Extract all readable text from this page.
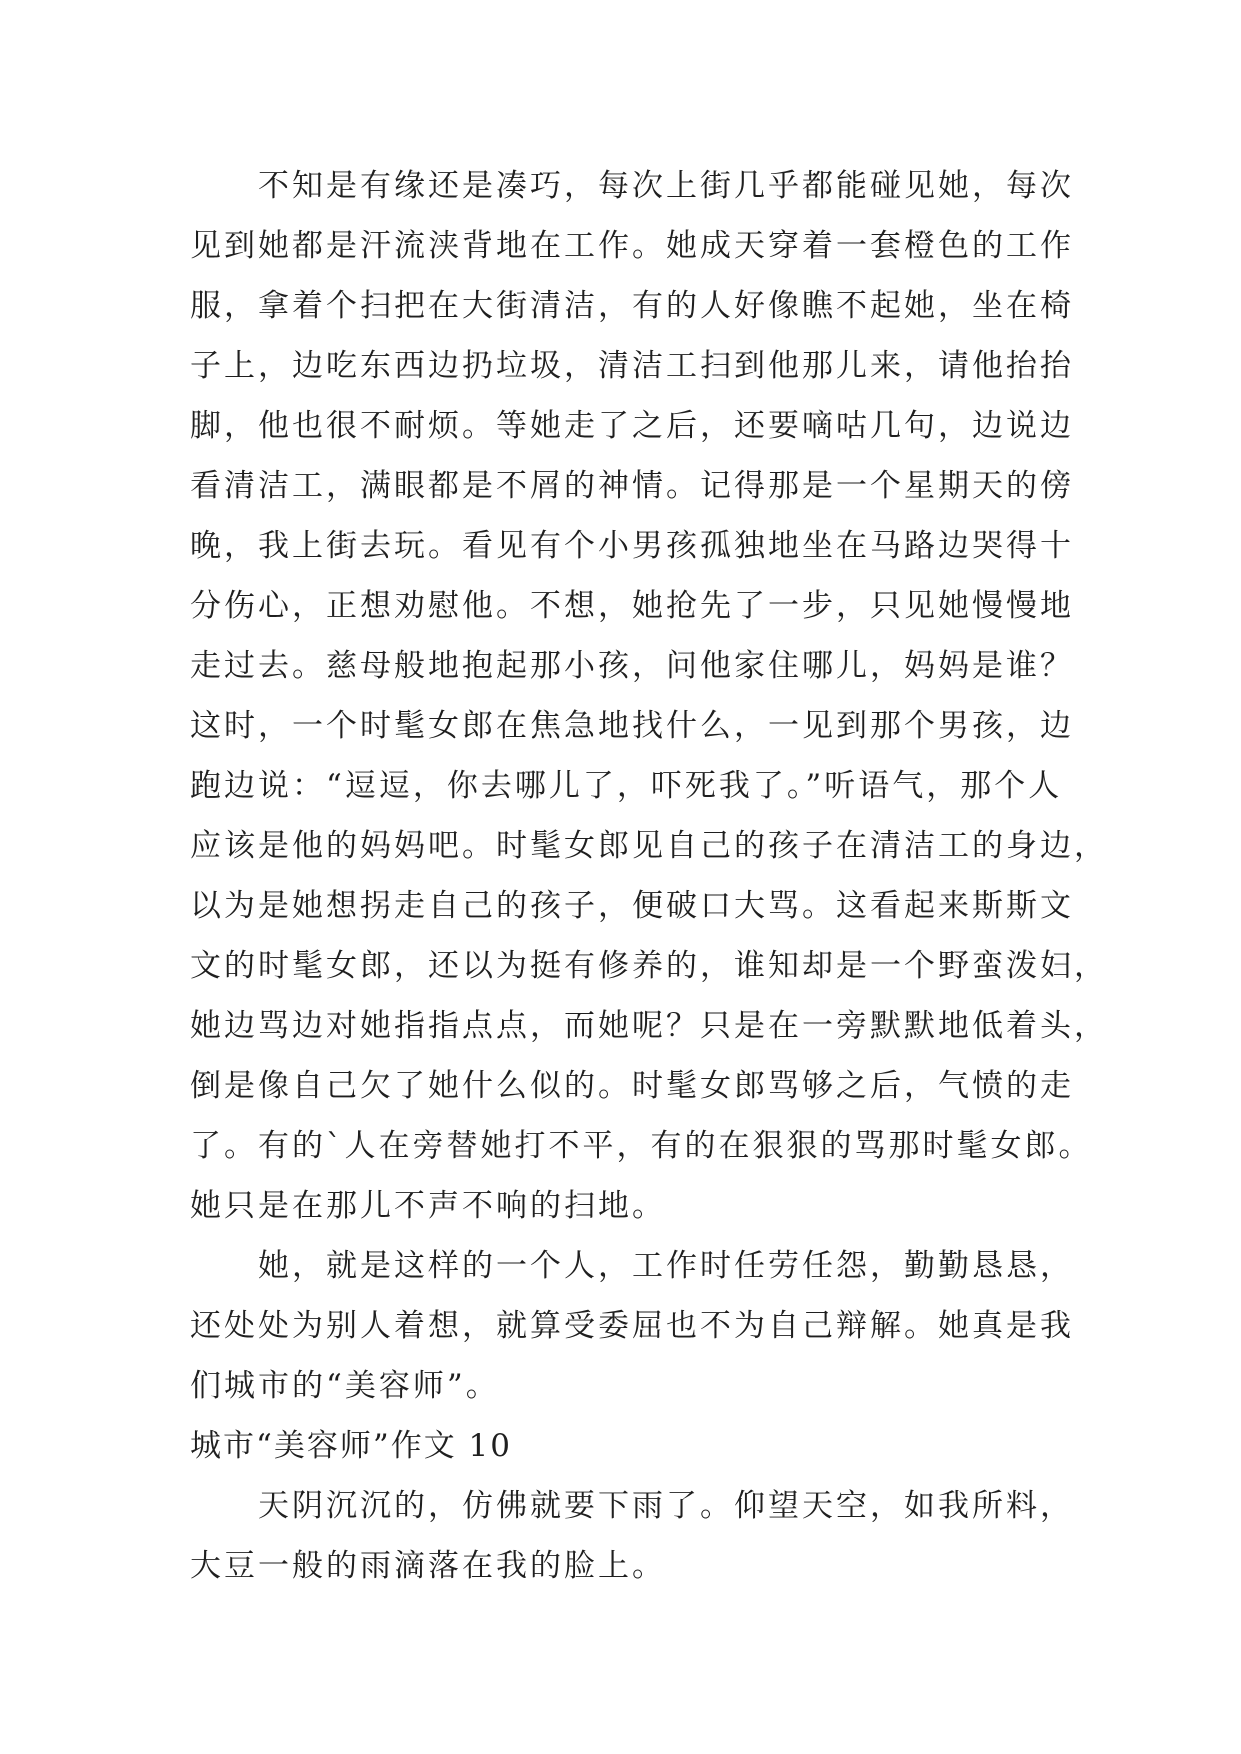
不知是有缘还是凑巧，每次上街几乎都能碰见她，每次
见到她都是汗流浃背地在工作。她成天穿着一套橙色的工作
服，拿着个扫把在大街清洁，有的人好像瞧不起她，坐在椅
子上，边吃东西边扔垃圾，清洁工扫到他那儿来，请他抬抬
脚，他也很不耐烦。等她走了之后，还要嘀咕几句，边说边
看清洁工，满眼都是不屑的神情。记得那是一个星期天的傍
晚，我上街去玩。看见有个小男孩孤独地坐在马路边哭得十
分伤心，正想劝慰他。不想，她抢先了一步，只见她慢慢地
走过去。慈母般地抱起那小孩，问他家住哪儿，妈妈是谁？
这时，一个时髦女郎在焦急地找什么，一见到那个男孩，边
跑边说：“逗逗，你去哪儿了，吓死我了。”听语气，那个人
应该是他的妈妈吧。时髦女郎见自己的孩子在清洁工的身边，
以为是她想拐走自己的孩子，便破口大骂。这看起来斯斯文
文的时髦女郎，还以为挺有修养的，谁知却是一个野蛮泼妇，
她边骂边对她指指点点，而她呢？只是在一旁默默地低着头，
倒是像自己欠了她什么似的。时髦女郎骂够之后，气愤的走
了。有的`人在旁替她打不平，有的在狠狠的骂那时髦女郎。
她只是在那儿不声不响的扫地。
她，就是这样的一个人，工作时任劳任怨，勤勤恳恳，
还处处为别人着想，就算受委屈也不为自己辩解。她真是我
们城市的“美容师”。
城市“美容师”作文 10
天阴沉沉的，仿佛就要下雨了。仰望天空，如我所料，
大豆一般的雨滴落在我的脸上。
